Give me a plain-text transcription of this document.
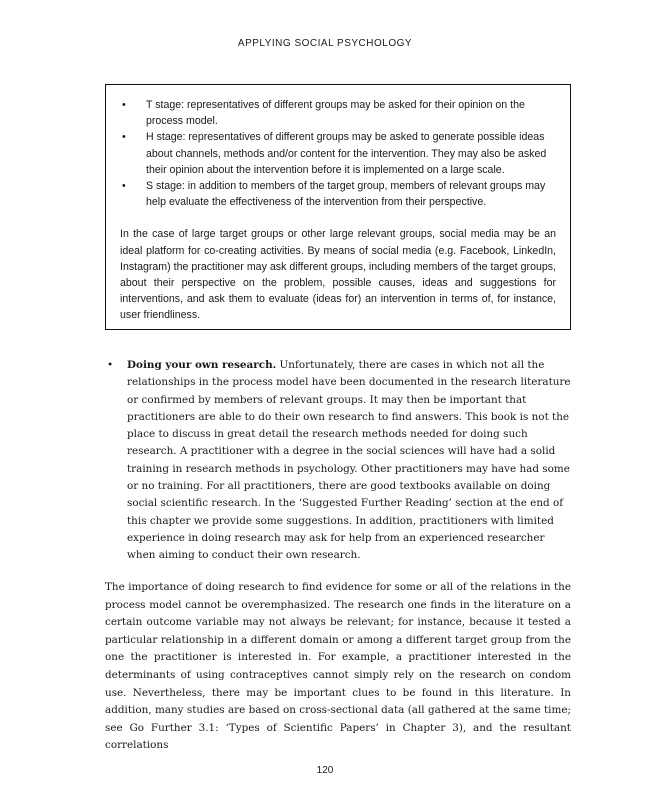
APPLYING SOCIAL PSYCHOLOGY
• T stage: representatives of different groups may be asked for their opinion on the process model.
• H stage: representatives of different groups may be asked to generate possible ideas about channels, methods and/or content for the intervention. They may also be asked their opinion about the intervention before it is implemented on a large scale.
• S stage: in addition to members of the target group, members of relevant groups may help evaluate the effectiveness of the intervention from their perspective.

In the case of large target groups or other large relevant groups, social media may be an ideal platform for co-creating activities. By means of social media (e.g. Facebook, LinkedIn, Instagram) the practitioner may ask different groups, including members of the target groups, about their perspective on the problem, possible causes, ideas and suggestions for interventions, and ask them to evaluate (ideas for) an intervention in terms of, for instance, user friendliness.

•	Doing your own research. Unfortunately, there are cases in which not all the relationships in the process model have been documented in the research literature or confirmed by members of relevant groups. It may then be important that practitioners are able to do their own research to find answers. This book is not the place to discuss in great detail the research methods needed for doing such research. A practitioner with a degree in the social sciences will have had a solid training in research methods in psychology. Other practitioners may have had some or no training. For all practitioners, there are good textbooks available on doing social scientific research. In the ‘Suggested Further Reading’ section at the end of this chapter we provide some suggestions. In addition, practitioners with limited experience in doing research may ask for help from an experienced researcher when aiming to conduct their own research.

The importance of doing research to find evidence for some or all of the relations in the process model cannot be overemphasized. The research one finds in the literature on a certain outcome variable may not always be relevant; for instance, because it tested a particular relationship in a different domain or among a different target group from the one the practitioner is interested in. For example, a practitioner interested in the determinants of using contraceptives cannot simply rely on the research on condom use. Nevertheless, there may be important clues to be found in this literature. In addition, many studies are based on cross-sectional data (all gathered at the same time; see Go Further 3.1: ‘Types of Scientific Papers’ in Chapter 3), and the resultant correlations

120
